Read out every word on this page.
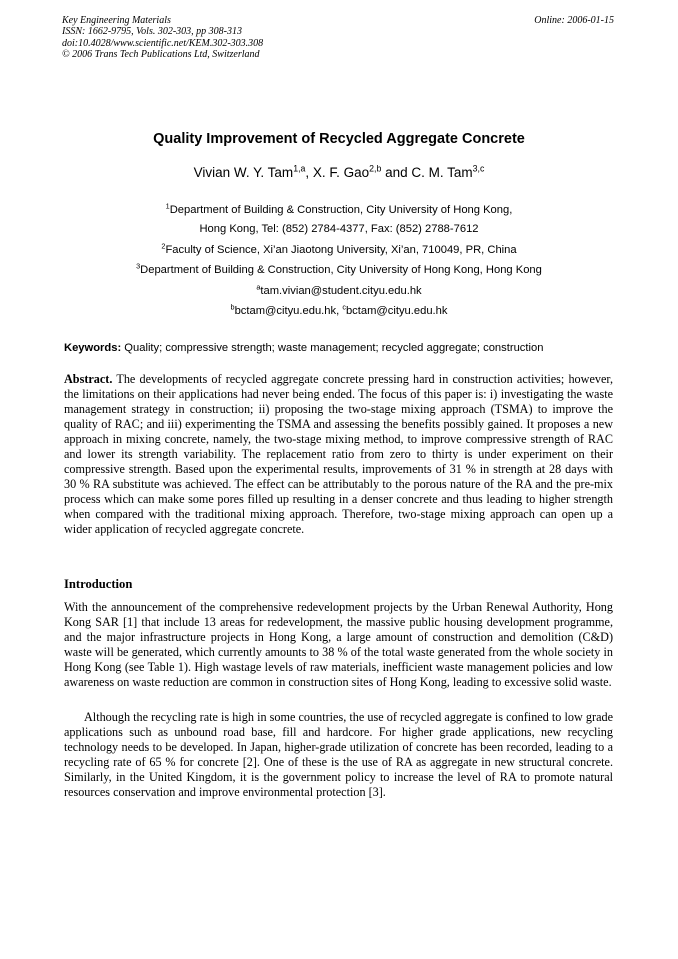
Key Engineering Materials
ISSN: 1662-9795, Vols. 302-303, pp 308-313
doi:10.4028/www.scientific.net/KEM.302-303.308
© 2006 Trans Tech Publications Ltd, Switzerland
Online: 2006-01-15
Quality Improvement of Recycled Aggregate Concrete
Vivian W. Y. Tam$^{1,a}$, X. F. Gao$^{2,b}$ and C. M. Tam$^{3,c}$
$^1$Department of Building & Construction, City University of Hong Kong,
Hong Kong, Tel: (852) 2784-4377, Fax: (852) 2788-7612
$^2$Faculty of Science, Xi’an Jiaotong University, Xi’an, 710049, PR, China
$^3$Department of Building & Construction, City University of Hong Kong, Hong Kong
$^a$tam.vivian@student.cityu.edu.hk
$^b$bctam@cityu.edu.hk, $^c$bctam@cityu.edu.hk
Keywords: Quality; compressive strength; waste management; recycled aggregate; construction
Abstract. The developments of recycled aggregate concrete pressing hard in construction activities; however, the limitations on their applications had never being ended. The focus of this paper is: i) investigating the waste management strategy in construction; ii) proposing the two-stage mixing approach (TSMA) to improve the quality of RAC; and iii) experimenting the TSMA and assessing the benefits possibly gained. It proposes a new approach in mixing concrete, namely, the two-stage mixing method, to improve compressive strength of RAC and lower its strength variability. The replacement ratio from zero to thirty is under experiment on their compressive strength. Based upon the experimental results, improvements of 31 % in strength at 28 days with 30 % RA substitute was achieved. The effect can be attributably to the porous nature of the RA and the pre-mix process which can make some pores filled up resulting in a denser concrete and thus leading to higher strength when compared with the traditional mixing approach. Therefore, two-stage mixing approach can open up a wider application of recycled aggregate concrete.
Introduction
With the announcement of the comprehensive redevelopment projects by the Urban Renewal Authority, Hong Kong SAR [1] that include 13 areas for redevelopment, the massive public housing development programme, and the major infrastructure projects in Hong Kong, a large amount of construction and demolition (C&D) waste will be generated, which currently amounts to 38 % of the total waste generated from the whole society in Hong Kong (see Table 1). High wastage levels of raw materials, inefficient waste management policies and low awareness on waste reduction are common in construction sites of Hong Kong, leading to excessive solid waste.
Although the recycling rate is high in some countries, the use of recycled aggregate is confined to low grade applications such as unbound road base, fill and hardcore. For higher grade applications, new recycling technology needs to be developed. In Japan, higher-grade utilization of concrete has been recorded, leading to a recycling rate of 65 % for concrete [2]. One of these is the use of RA as aggregate in new structural concrete. Similarly, in the United Kingdom, it is the government policy to increase the level of RA to promote natural resources conservation and improve environmental protection [3].
